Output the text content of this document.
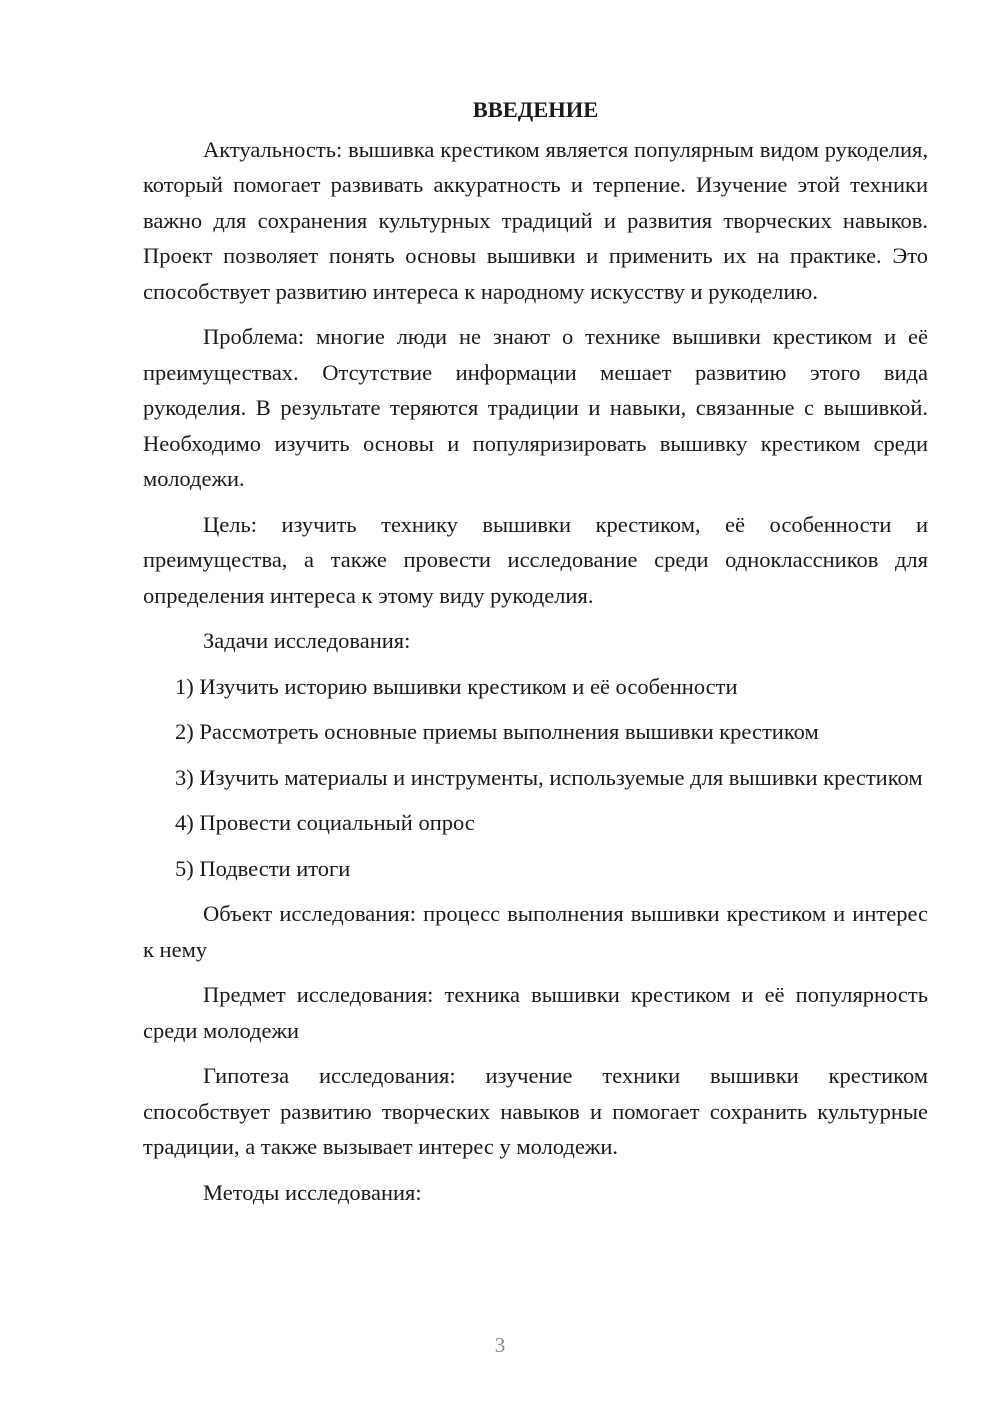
ВВЕДЕНИЕ

Актуальность: вышивка крестиком является популярным видом рукоделия, который помогает развивать аккуратность и терпение. Изучение этой техники важно для сохранения культурных традиций и развития творческих навыков. Проект позволяет понять основы вышивки и применить их на практике. Это способствует развитию интереса к народному искусству и рукоделию.

Проблема: многие люди не знают о технике вышивки крестиком и её преимуществах. Отсутствие информации мешает развитию этого вида рукоделия. В результате теряются традиции и навыки, связанные с вышивкой. Необходимо изучить основы и популяризировать вышивку крестиком среди молодежи.

Цель: изучить технику вышивки крестиком, её особенности и преимущества, а также провести исследование среди одноклассников для определения интереса к этому виду рукоделия.

Задачи исследования:

1) Изучить историю вышивки крестиком и её особенности

2) Рассмотреть основные приемы выполнения вышивки крестиком

3) Изучить материалы и инструменты, используемые для вышивки крестиком

4) Провести социальный опрос

5) Подвести итоги

Объект исследования: процесс выполнения вышивки крестиком и интерес к нему

Предмет исследования: техника вышивки крестиком и её популярность среди молодежи

Гипотеза исследования: изучение техники вышивки крестиком способствует развитию творческих навыков и помогает сохранить культурные традиции, а также вызывает интерес у молодежи.

Методы исследования:

3
